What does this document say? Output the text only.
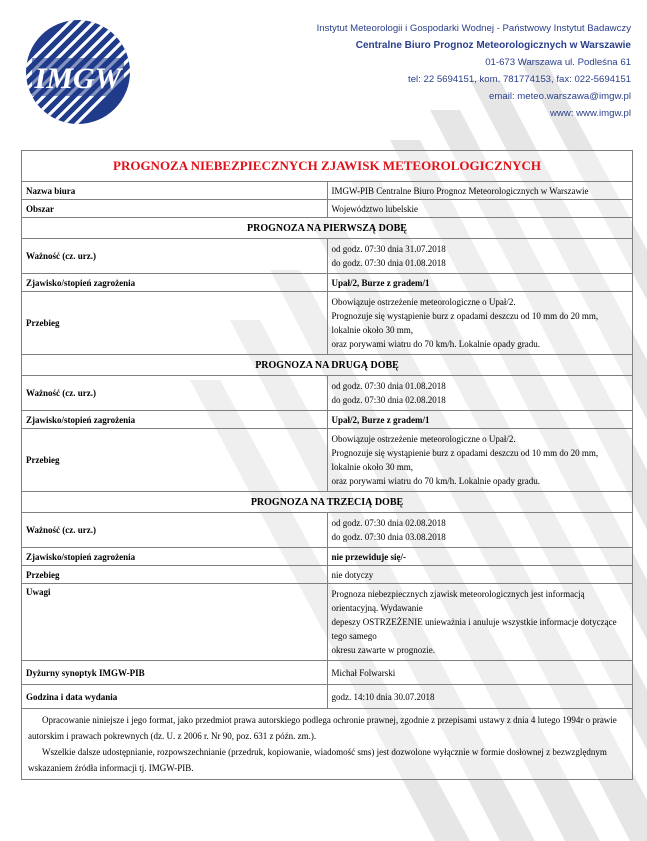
IMGW
Instytut Meteorologii i Gospodarki Wodnej - Państwowy Instytut Badawczy
Centralne Biuro Prognoz Meteorologicznych w Warszawie
01-673 Warszawa ul. Podleśna 61
tel: 22 5694151, kom. 781774153, fax: 022-5694151
email: meteo.warszawa@imgw.pl
www: www.imgw.pl
PROGNOZA NIEBEZPIECZNYCH ZJAWISK METEOROLOGICZNYCH	
Nazwa biura	IMGW-PIB Centralne Biuro Prognoz Meteorologicznych w Warszawie
Obszar	Województwo lubelskie
PROGNOZA NA PIERWSZĄ DOBĘ	
Ważność (cz. urz.)	od godz. 07:30 dnia 31.07.2018
do godz. 07:30 dnia 01.08.2018

Zjawisko/stopień zagrożenia	Upał/2, Burze z gradem/1
Przebieg	Obowiązuje ostrzeżenie meteorologiczne o Upał/2.
Prognozuje się wystąpienie burz z opadami deszczu od 10 mm do 20 mm, lokalnie około 30 mm,
oraz porywami wiatru do 70 km/h. Lokalnie opady gradu.

PROGNOZA NA DRUGĄ DOBĘ	
Ważność (cz. urz.)	od godz. 07:30 dnia 01.08.2018
do godz. 07:30 dnia 02.08.2018

Zjawisko/stopień zagrożenia	Upał/2, Burze z gradem/1
Przebieg	Obowiązuje ostrzeżenie meteorologiczne o Upał/2.
Prognozuje się wystąpienie burz z opadami deszczu od 10 mm do 20 mm, lokalnie około 30 mm,
oraz porywami wiatru do 70 km/h. Lokalnie opady gradu.

PROGNOZA NA TRZECIĄ DOBĘ	
Ważność (cz. urz.)	od godz. 07:30 dnia 02.08.2018
do godz. 07:30 dnia 03.08.2018

Zjawisko/stopień zagrożenia	nie przewiduje się/-
Przebieg	nie dotyczy
Uwagi	Prognoza niebezpiecznych zjawisk meteorologicznych jest informacją orientacyjną. Wydawanie
depeszy OSTRZEŻENIE unieważnia i anuluje wszystkie informacje dotyczące tego samego
okresu zawarte w prognozie.

Dyżurny synoptyk IMGW-PIB	Michał Folwarski
Godzina i data wydania	godz. 14:10 dnia 30.07.2018

Opracowanie niniejsze i jego format, jako przedmiot prawa autorskiego podlega ochronie prawnej, zgodnie z przepisami ustawy z dnia 4 lutego 1994r o prawie autorskim i prawach pokrewnych (dz. U. z 2006 r. Nr 90, poz. 631 z późn. zm.).

Wszelkie dalsze udostępnianie, rozpowszechnianie (przedruk, kopiowanie, wiadomość sms) jest dozwolone wyłącznie w formie dosłownej z bezwzględnym wskazaniem źródła informacji tj. IMGW-PIB.	
